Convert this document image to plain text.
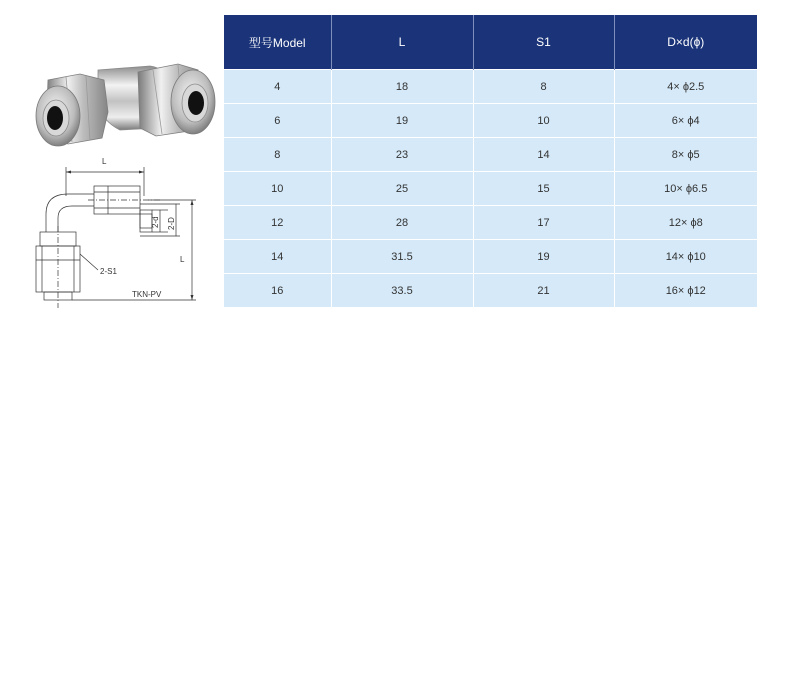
L
2-d 2-D
L
2-S1
TKN-PV
型号Model	L	S1	D×d(ϕ)
4	18	8	4× ϕ2.5
6	19	10	6× ϕ4
8	23	14	8× ϕ5
10	25	15	10× ϕ6.5
12	28	17	12× ϕ8
14	31.5	19	14× ϕ10
16	33.5	21	16× ϕ12
